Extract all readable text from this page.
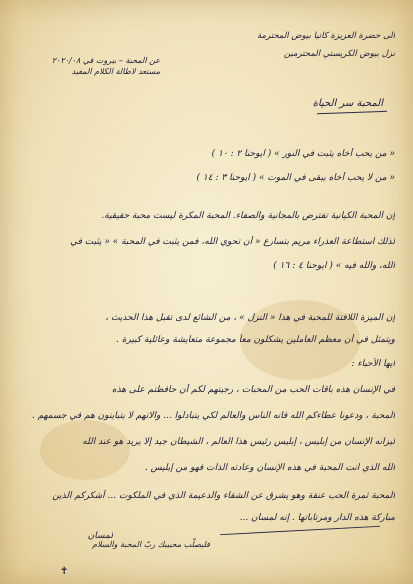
الى حضرة العزيزة كاتيا بيوض المحترمة
نزل بيوض الكريستي المحترمين
عن المحبة – بيروت في ٢٠٢٠/٠٨
مستعد لاطالة الكلام المفيد
المحبة سر الحياة
« من يحب أخاه يثبت في النور » ( ايوحنا ٢ : ١٠ )
« من لا يحب أخاه يبقى في الموت » ( ايوحنا ٣ : ١٤ )
إن المحبة الكيانية تفترض بالمجانية والصفاء. المحبة المكرة ليست محبة حقيقية.
لذلك استطاعة العذراء مريم بتسارع « أن تحوي الله، فمن يثبت في المحبة » « يثبت في
الله، والله فيه » ( ايوحنا ٤ : ١٦ )
إن الميزة اللافتة للمحبة في هذا « النزل » ، من الشائع لدى تقبل هذا الحديث ،
ويتمثل في أن معظم العاملين يشكلون معاً مجموعة متعايشة وعائلية كبيرة .
أيها الأحباء :
في الإنسان هذه باقات الحب من المحبات ، رجيتهم لكم أن حافظتم على هذه
المحبة ، ودعونا عطاءكم الله فانه الناس والعالم لكي يتبادلوا ... والاتهم لا يتباينون هم في جسمهم .
ليزانه الإنسان من إبليس ، إبليس رئيس هذا العالم ، الشيطان جيد إلا يريد هو عند الله
الله الذي انت المحبة في هذه الإنسان وعادته الذات فهو من إبليس .
المحبة ثمرة الحب عنقة وهو يشرق عن الشقاء والدعيمة الذي في الملكوت ... أشكركم الذين
مباركة هذه الدار ومرتاباتها . إنه لمسان ...
لمسان
فليصلّب محبيبك ربّ المحبة والسلام
✝
